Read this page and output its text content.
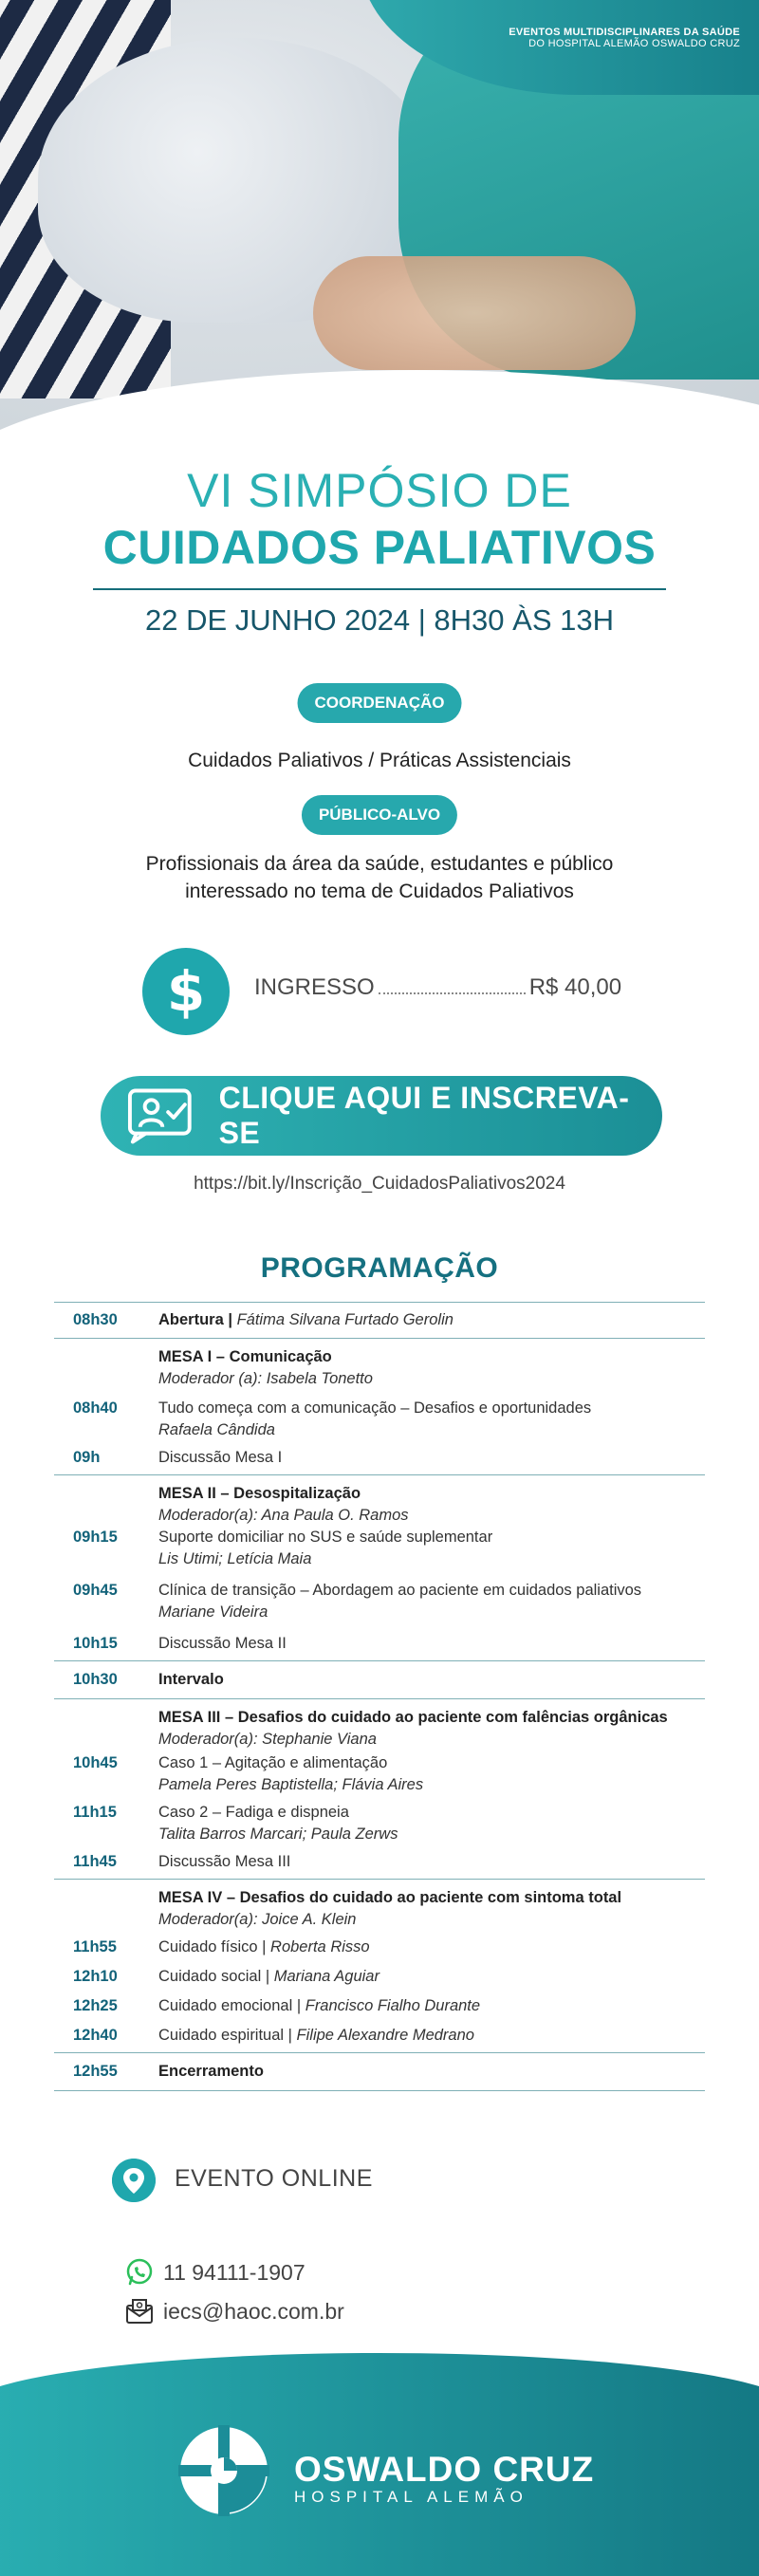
EVENTOS MULTIDISCIPLINARES DA SAÚDE
DO HOSPITAL ALEMÃO OSWALDO CRUZ
VI SIMPÓSIO DE
CUIDADOS PALIATIVOS
22 DE JUNHO 2024 | 8H30 ÀS 13H
COORDENAÇÃO
Cuidados Paliativos / Práticas Assistenciais
PÚBLICO-ALVO
Profissionais da área da saúde, estudantes e público
interessado no tema de Cuidados Paliativos
$	INGRESSO	R$ 40,00
CLIQUE AQUI E INSCREVA-SE
https://bit.ly/Inscrição_CuidadosPaliativos2024
PROGRAMAÇÃO
08h30	Abertura | Fátima Silvana Furtado Gerolin
MESA I – Comunicação
Moderador (a): Isabela Tonetto
08h40	Tudo começa com a comunicação – Desafios e oportunidades
Rafaela Cândida
09h	Discussão Mesa I
MESA II – Desospitalização
Moderador(a): Ana Paula O. Ramos
09h15	Suporte domiciliar no SUS e saúde suplementar
Lis Utimi; Letícia Maia
09h45	Clínica de transição – Abordagem ao paciente em cuidados paliativos
Mariane Videira
10h15	Discussão Mesa II
10h30	Intervalo
MESA III – Desafios do cuidado ao paciente com falências orgânicas
Moderador(a): Stephanie Viana
10h45	Caso 1 – Agitação e alimentação
Pamela Peres Baptistella; Flávia Aires
11h15	Caso 2 – Fadiga e dispneia
Talita Barros Marcari; Paula Zerws
11h45	Discussão Mesa III
MESA IV – Desafios do cuidado ao paciente com sintoma total
Moderador(a): Joice A. Klein
11h55	Cuidado físico | Roberta Risso
12h10	Cuidado social | Mariana Aguiar
12h25	Cuidado emocional | Francisco Fialho Durante
12h40	Cuidado espiritual | Filipe Alexandre Medrano
12h55	Encerramento
EVENTO ONLINE
11 94111-1907
iecs@haoc.com.br
OSWALDO CRUZ
HOSPITAL ALEMÃO
